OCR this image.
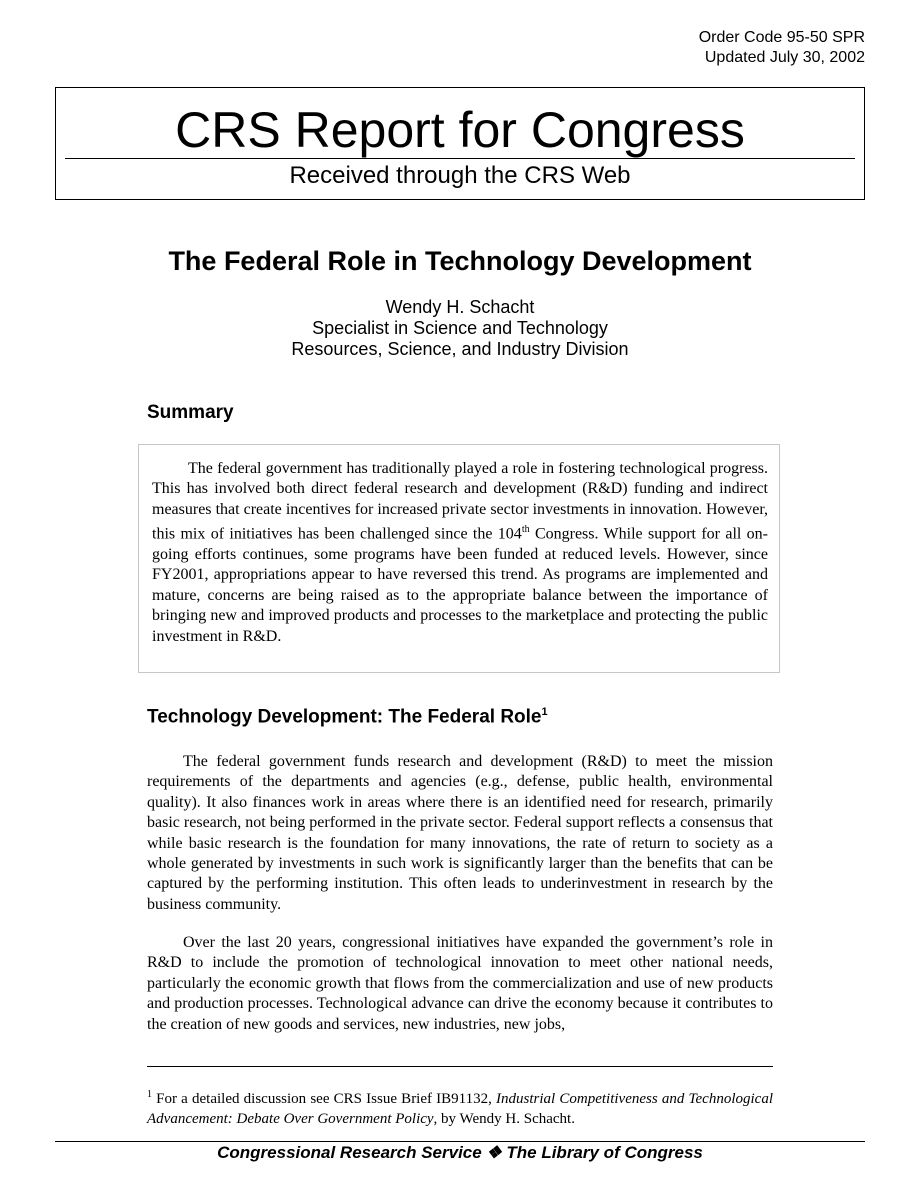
Order Code 95-50 SPR
Updated July 30, 2002
CRS Report for Congress
Received through the CRS Web
The Federal Role in Technology Development
Wendy H. Schacht
Specialist in Science and Technology
Resources, Science, and Industry Division
Summary

The federal government has traditionally played a role in fostering technological progress. This has involved both direct federal research and development (R&D) funding and indirect measures that create incentives for increased private sector investments in innovation. However, this mix of initiatives has been challenged since the 104th Congress. While support for all on-going efforts continues, some programs have been funded at reduced levels. However, since FY2001, appropriations appear to have reversed this trend. As programs are implemented and mature, concerns are being raised as to the appropriate balance between the importance of bringing new and improved products and processes to the marketplace and protecting the public investment in R&D.

Technology Development: The Federal Role$^1$

The federal government funds research and development (R&D) to meet the mission requirements of the departments and agencies (e.g., defense, public health, environmental quality). It also finances work in areas where there is an identified need for research, primarily basic research, not being performed in the private sector. Federal support reflects a consensus that while basic research is the foundation for many innovations, the rate of return to society as a whole generated by investments in such work is significantly larger than the benefits that can be captured by the performing institution. This often leads to underinvestment in research by the business community.

Over the last 20 years, congressional initiatives have expanded the government’s role in R&D to include the promotion of technological innovation to meet other national needs, particularly the economic growth that flows from the commercialization and use of new products and production processes. Technological advance can drive the economy because it contributes to the creation of new goods and services, new industries, new jobs,

$^1$ For a detailed discussion see CRS Issue Brief IB91132, Industrial Competitiveness and Technological Advancement: Debate Over Government Policy, by Wendy H. Schacht.

Congressional Research Service ❖ The Library of Congress
